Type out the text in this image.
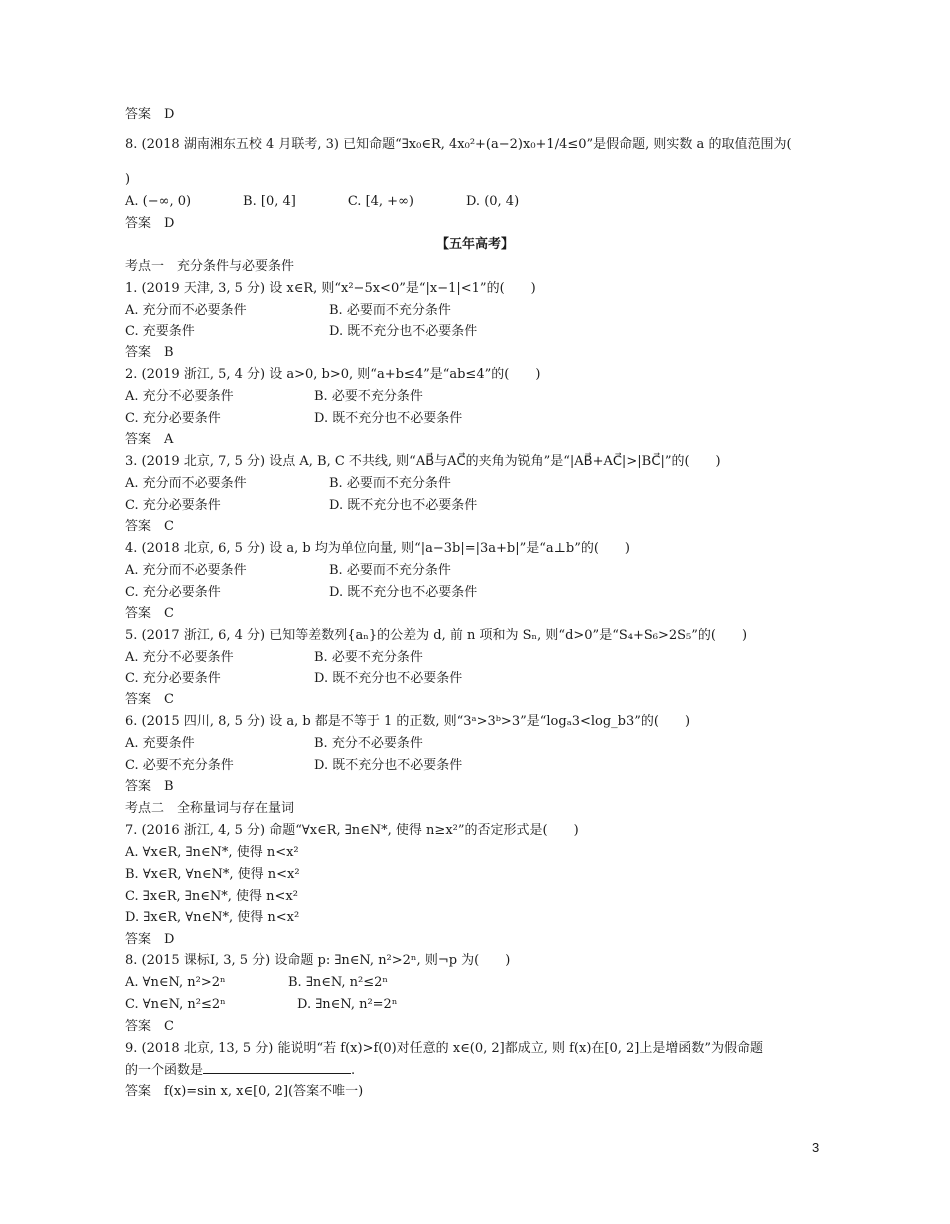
答案　D
8. (2018 湖南湘东五校 4 月联考, 3) 已知命题“∃x₀∈R, 4x₀²+(a−2)x₀+1/4≤0”是假命题, 则实数 a 的取值范围为(
)
A. (−∞, 0)　　　　B. [0, 4]　　　　C. [4, +∞)　　　　D. (0, 4)
答案　D
【五年高考】
考点一　充分条件与必要条件
1. (2019 天津, 3, 5 分) 设 x∈R, 则“x²−5x<0”是“|x−1|<1”的(　　)
A. 充分而不必要条件	B. 必要而不充分条件
C. 充要条件	D. 既不充分也不必要条件
答案　B
2. (2019 浙江, 5, 4 分) 设 a>0, b>0, 则“a+b≤4”是“ab≤4”的(　　)
A. 充分不必要条件	B. 必要不充分条件
C. 充分必要条件	D. 既不充分也不必要条件
答案　A
3. (2019 北京, 7, 5 分) 设点 A, B, C 不共线, 则“AB⃗与AC⃗的夹角为锐角”是“|AB⃗+AC⃗|>|BC⃗|”的(　　)
A. 充分而不必要条件	B. 必要而不充分条件
C. 充分必要条件	D. 既不充分也不必要条件
答案　C
4. (2018 北京, 6, 5 分) 设 a, b 均为单位向量, 则“|a−3b|=|3a+b|”是“a⊥b”的(　　)
A. 充分而不必要条件	B. 必要而不充分条件
C. 充分必要条件	D. 既不充分也不必要条件
答案　C
5. (2017 浙江, 6, 4 分) 已知等差数列{aₙ}的公差为 d, 前 n 项和为 Sₙ, 则“d>0”是“S₄+S₆>2S₅”的(　　)
A. 充分不必要条件	B. 必要不充分条件
C. 充分必要条件	D. 既不充分也不必要条件
答案　C
6. (2015 四川, 8, 5 分) 设 a, b 都是不等于 1 的正数, 则“3ᵃ>3ᵇ>3”是“logₐ3<log_b3”的(　　)
A. 充要条件	B. 充分不必要条件
C. 必要不充分条件	D. 既不充分也不必要条件
答案　B
考点二　全称量词与存在量词
7. (2016 浙江, 4, 5 分) 命题“∀x∈R, ∃n∈N*, 使得 n≥x²”的否定形式是(　　)
A. ∀x∈R, ∃n∈N*, 使得 n<x²
B. ∀x∈R, ∀n∈N*, 使得 n<x²
C. ∃x∈R, ∃n∈N*, 使得 n<x²
D. ∃x∈R, ∀n∈N*, 使得 n<x²
答案　D
8. (2015 课标Ⅰ, 3, 5 分) 设命题 p: ∃n∈N, n²>2ⁿ, 则¬p 为(　　)
A. ∀n∈N, n²>2ⁿ	B. ∃n∈N, n²≤2ⁿ
C. ∀n∈N, n²≤2ⁿ	D. ∃n∈N, n²=2ⁿ
答案　C
9. (2018 北京, 13, 5 分) 能说明“若 f(x)>f(0)对任意的 x∈(0, 2]都成立, 则 f(x)在[0, 2]上是增函数”为假命题
的一个函数是	.
答案　f(x)=sin x, x∈[0, 2](答案不唯一)
3
